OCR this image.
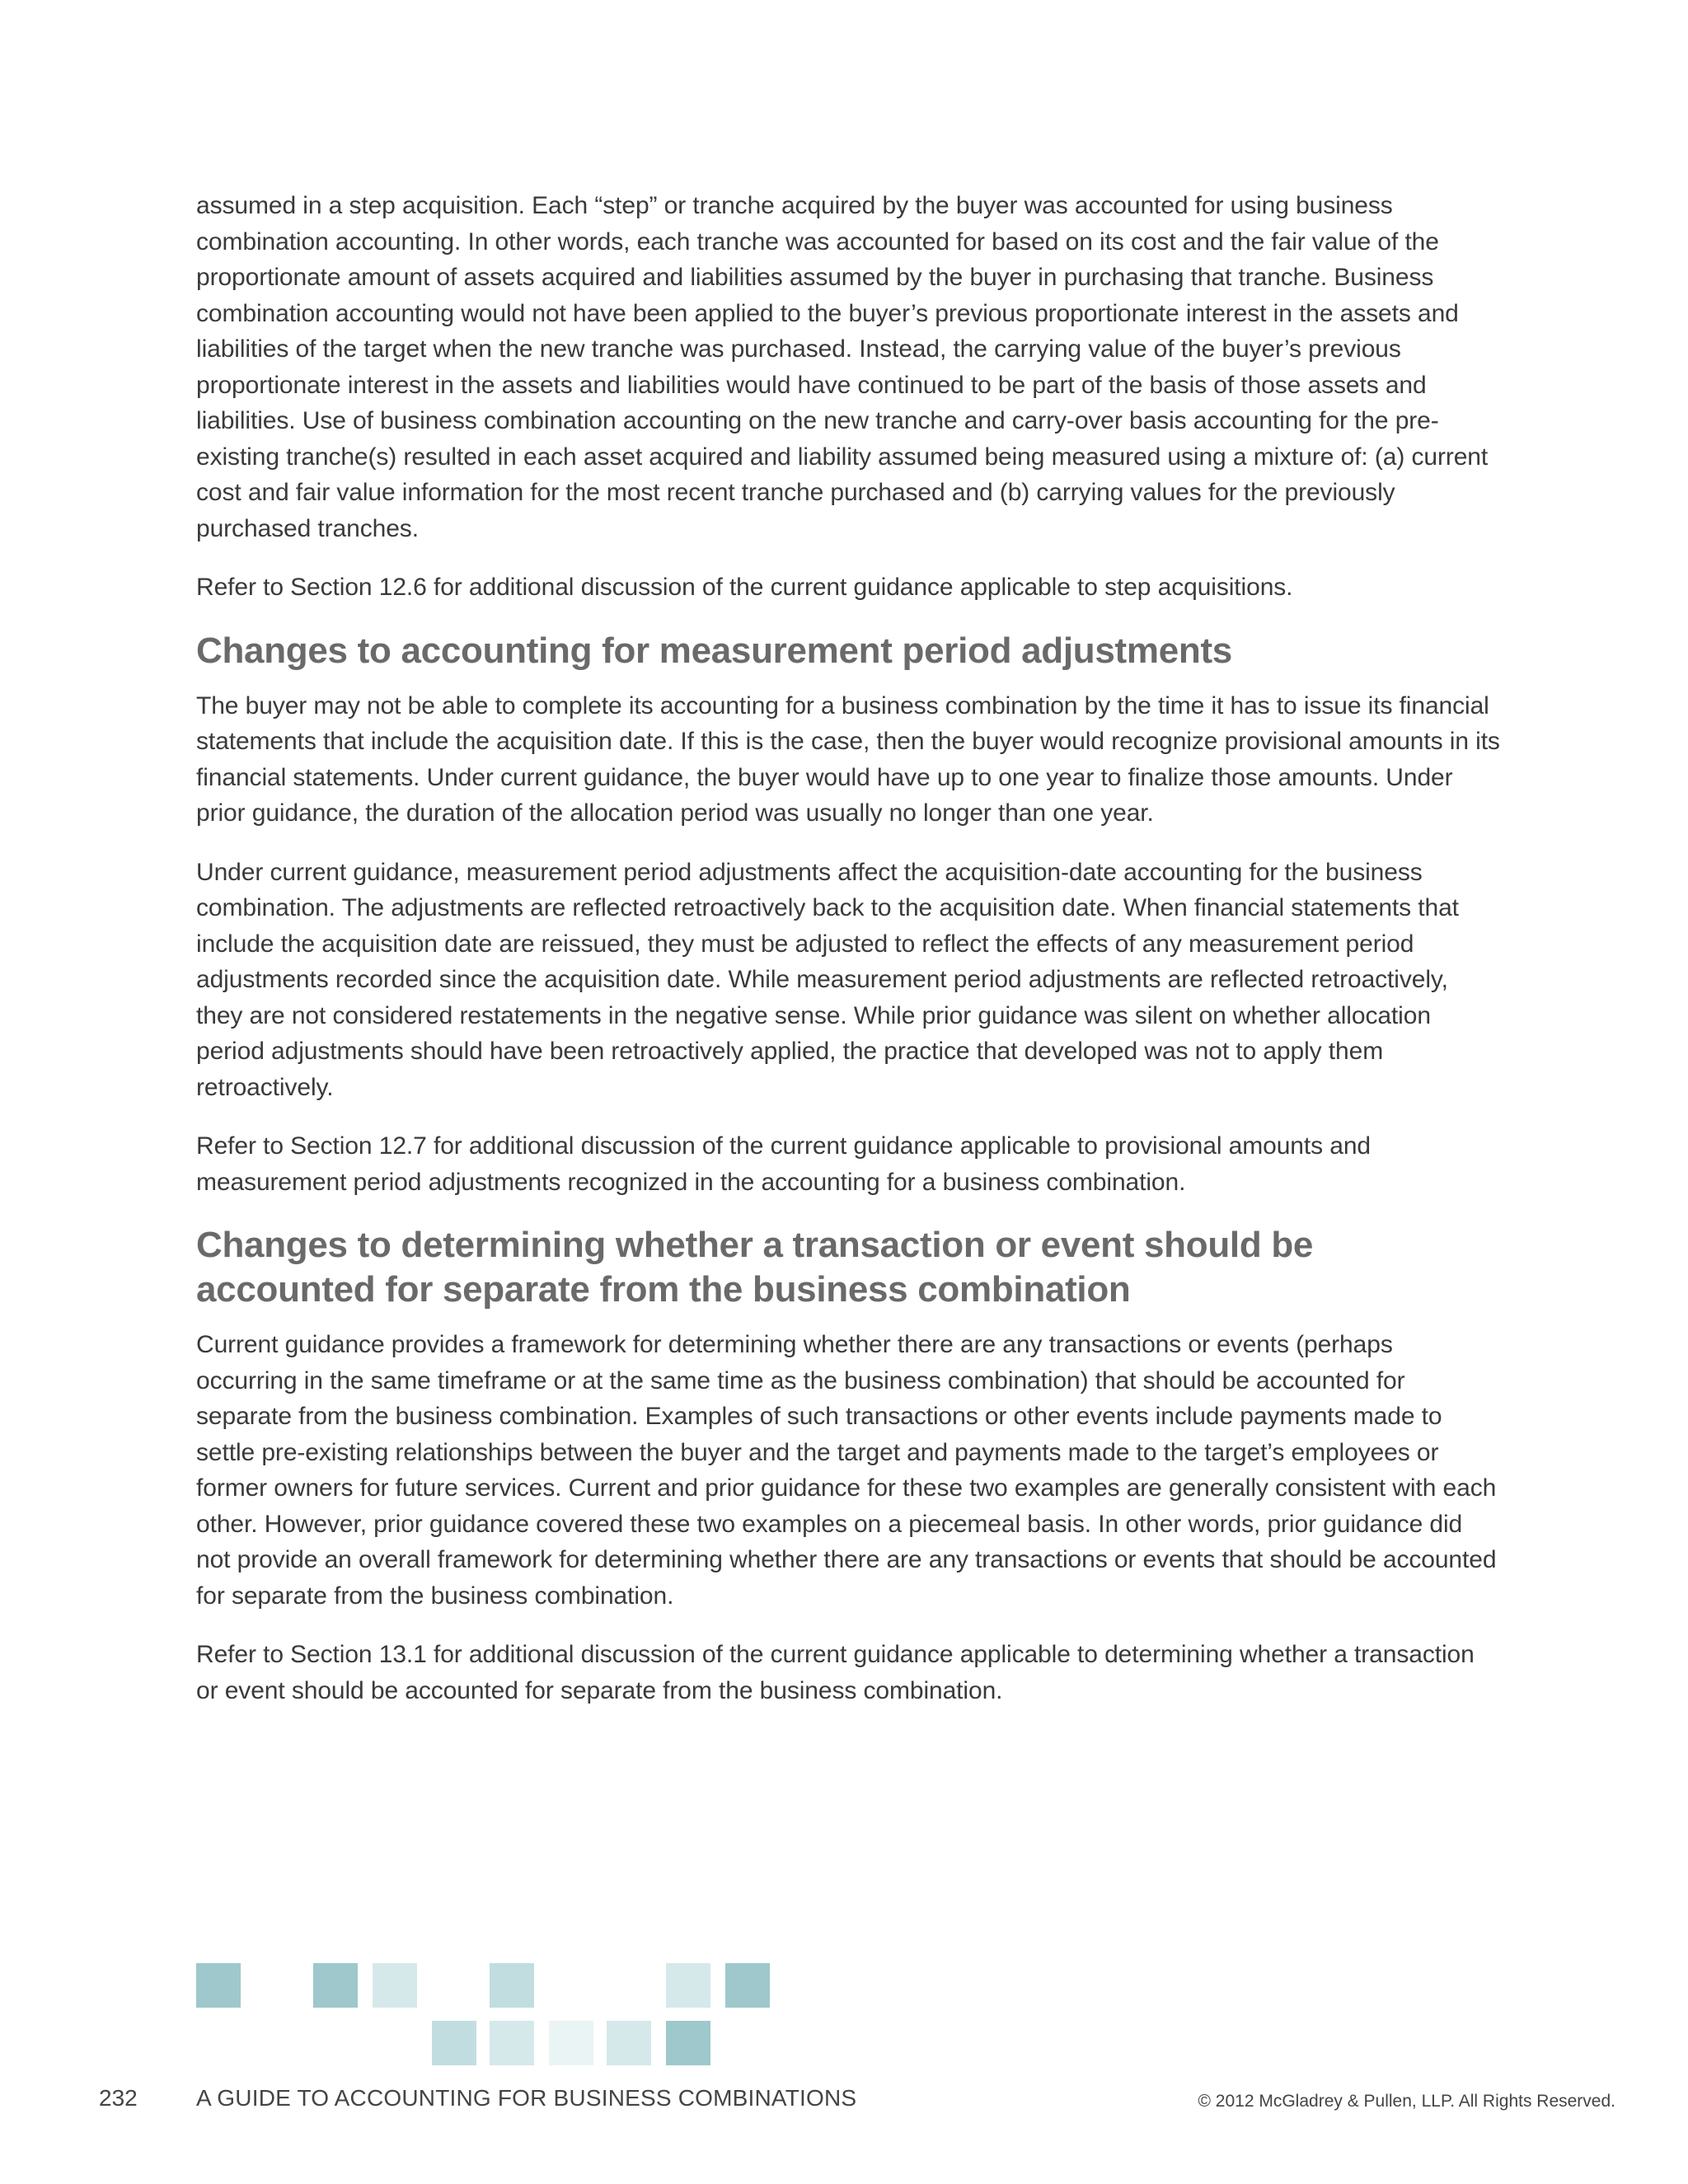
assumed in a step acquisition. Each “step” or tranche acquired by the buyer was accounted for using business combination accounting. In other words, each tranche was accounted for based on its cost and the fair value of the proportionate amount of assets acquired and liabilities assumed by the buyer in purchasing that tranche. Business combination accounting would not have been applied to the buyer’s previous proportionate interest in the assets and liabilities of the target when the new tranche was purchased. Instead, the carrying value of the buyer’s previous proportionate interest in the assets and liabilities would have continued to be part of the basis of those assets and liabilities. Use of business combination accounting on the new tranche and carry-over basis accounting for the pre-existing tranche(s) resulted in each asset acquired and liability assumed being measured using a mixture of: (a) current cost and fair value information for the most recent tranche purchased and (b) carrying values for the previously purchased tranches.

Refer to Section 12.6 for additional discussion of the current guidance applicable to step acquisitions.

Changes to accounting for measurement period adjustments

The buyer may not be able to complete its accounting for a business combination by the time it has to issue its financial statements that include the acquisition date. If this is the case, then the buyer would recognize provisional amounts in its financial statements. Under current guidance, the buyer would have up to one year to finalize those amounts. Under prior guidance, the duration of the allocation period was usually no longer than one year.

Under current guidance, measurement period adjustments affect the acquisition-date accounting for the business combination. The adjustments are reflected retroactively back to the acquisition date. When financial statements that include the acquisition date are reissued, they must be adjusted to reflect the effects of any measurement period adjustments recorded since the acquisition date. While measurement period adjustments are reflected retroactively, they are not considered restatements in the negative sense. While prior guidance was silent on whether allocation period adjustments should have been retroactively applied, the practice that developed was not to apply them retroactively.

Refer to Section 12.7 for additional discussion of the current guidance applicable to provisional amounts and measurement period adjustments recognized in the accounting for a business combination.

Changes to determining whether a transaction or event should be accounted for separate from the business combination

Current guidance provides a framework for determining whether there are any transactions or events (perhaps occurring in the same timeframe or at the same time as the business combination) that should be accounted for separate from the business combination. Examples of such transactions or other events include payments made to settle pre-existing relationships between the buyer and the target and payments made to the target’s employees or former owners for future services. Current and prior guidance for these two examples are generally consistent with each other. However, prior guidance covered these two examples on a piecemeal basis. In other words, prior guidance did not provide an overall framework for determining whether there are any transactions or events that should be accounted for separate from the business combination.

Refer to Section 13.1 for additional discussion of the current guidance applicable to determining whether a transaction or event should be accounted for separate from the business combination.

232	A GUIDE TO ACCOUNTING FOR BUSINESS COMBINATIONS	© 2012 McGladrey & Pullen, LLP. All Rights Reserved.
